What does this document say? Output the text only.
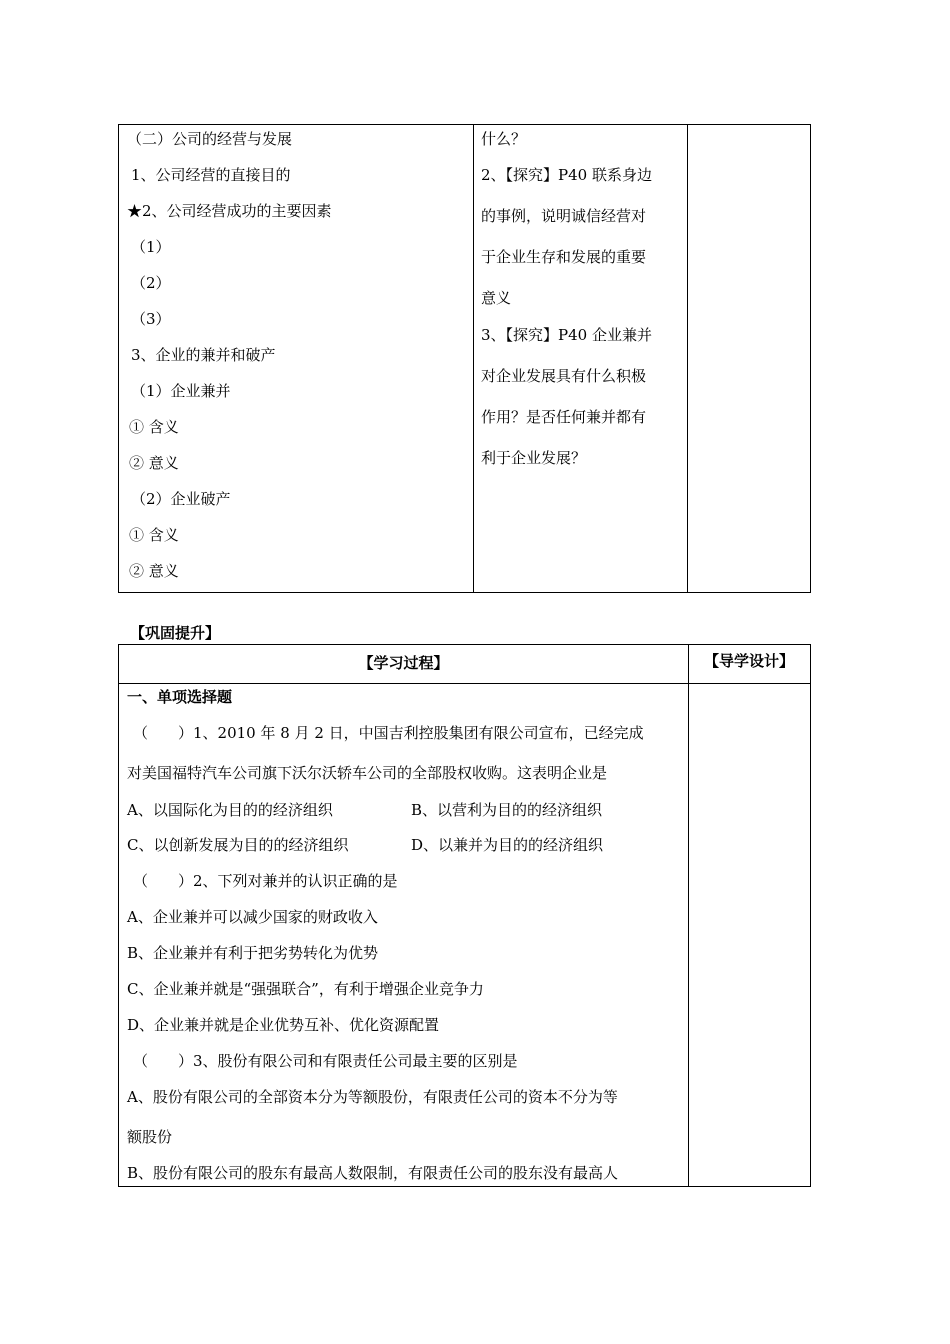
（二）公司的经营与发展
1、公司经营的直接目的
★2、公司经营成功的主要因素
（1）
（2）
（3）
3、企业的兼并和破产
（1）企业兼并
① 含义
② 意义
（2）企业破产
① 含义
② 意义
什么？
2、【探究】P40 联系身边
的事例，说明诚信经营对
于企业生存和发展的重要
意义
3、【探究】P40 企业兼并
对企业发展具有什么积极
作用？是否任何兼并都有
利于企业发展？
【巩固提升】
【学习过程】
一、单项选择题
（　　）1、2010 年 8 月 2 日，中国吉利控股集团有限公司宣布，已经完成
对美国福特汽车公司旗下沃尔沃轿车公司的全部股权收购。这表明企业是
A、以国际化为目的的经济组织	B、以营利为目的的经济组织
C、以创新发展为目的的经济组织	D、以兼并为目的的经济组织
（　　）2、下列对兼并的认识正确的是
A、企业兼并可以减少国家的财政收入
B、企业兼并有利于把劣势转化为优势
C、企业兼并就是“强强联合”，有利于增强企业竞争力
D、企业兼并就是企业优势互补、优化资源配置
（　　）3、股份有限公司和有限责任公司最主要的区别是
A、股份有限公司的全部资本分为等额股份，有限责任公司的资本不分为等
额股份
B、股份有限公司的股东有最高人数限制，有限责任公司的股东没有最高人
【导学设计】
